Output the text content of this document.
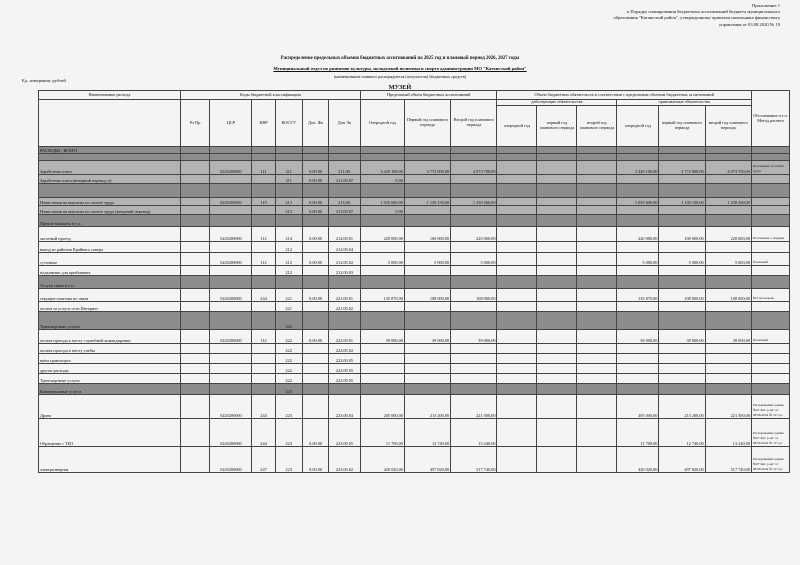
Приложение 1
к Порядку планирования бюджетных ассигнований бюджета муниципального
образования "Катангский район", утвержденному приказом начальника финансового
управления от 03.08.2020 № 19
Распределение предельных объемов бюджетных ассигнований на 2025 год и плановый период 2026, 2027 годы
Муниципальный отдел по развитию культуры, молодежной политики и спорта администрации МО "Катангский район"
(наименование главного распорядителя (получателя) бюджетных средств)
Ед. измерения: рублей
МУЗЕЙ
Наименование расхода	Коды бюджетной классификации						Предельный объем бюджетных ассигнований			Объем бюджетных обязательств в соответствии с предельным объемом бюджетных ассигнований						Обоснование и т.ч. Метод расчета
	Рз Пр	ЦСР	КВР	КОСГУ	Доп. Фк	Доп Эк	Очередной год	Первый год планового периода	Второй год планового периода	действующие обязательства			принимаемые обязательства			
										очередной год	первый год планового периода	второй год планового периода	очередной год	первый год планового периода	второй год планового периода	
РАСХОДЫ - ВСЕГО																

Заработная плата		0220200000	111	211	0.00.00	211.00.	3 429 100,00	3 772 000,00	4 073 700,00				3 429 100,00	3 772 000,00	4 073 700,00	Положение об оплате труда
Заработная плата (вечерний перевод п)				211	0.00.00	211.00.07	0,00									

Начисления на выплаты по оплате труда		0220200000	119	213	0.00.00	213.00.	1 035 600,00	1 139 150,00	1 230 260,00				1 035 600,00	1 139 150,00	1 230 260,00	
Начисления на выплаты по оплате труда (вечерний перевод)				213	0.00.00	213.00.07	0,00									
Прочие выплаты в т.ч.:																
льготный проезд		0220200000	112	214	0.00.00	214.00.01	220 000,00	100 000,00	220 000,00				220 000,00	100 000,00	220 000,00	Положение о порядке
выезд из районов Крайнего севера				212		212.00.04										
суточные		0220200000	112	212	0.00.00	212.00.02	5 000,00	5 000,00	5 000,00				5 000,00	5 000,00	5 000,00	Плановый
подъемные для прибывших				212		212.00.03										
Услуги связи в т.ч.:																
текущие платежи по связи		0220200000	244	221	0.00.00	221.00.01	135 870,00	108 000,00	108 000,00				135 870,00	108 000,00	108 000,00	ПО договорам
оплата за услуги сети Интернет				221		221.00.02										
Транспортные услуги				222												
оплата проезда к месту служебной командировки		0220200000	112	222	0.00.00	222.00.01	39 000,00	39 000,00	39 000,00				39 000,00	39 000,00	39 000,00	Плановый
оплата проезда к месту учебы				222		222.00.02										
наём транспорта				222		222.00.05										
другие расходы				222		222.00.05										
Транспортные услуги				222		222.00.05										
Коммунальные услуги				223												
Дрова		0220200000	244	223		223.00.04	205 000,00	213 200,00	221 000,00				205 000,00	213 200,00	221 500,00	Распоряжение админ. №07 Кат. р-на" от 08.08.2024 № 117-рс
Обращение с ТБО		0220200000	244	223	0.00.00	223.00.05	11 700,00	12 740,00	13 240,00				11 700,00	12 740,00	13 240,00	Распоряжение админ. №07 Кат. р-на" от 08.08.2024 № 117-рс
электроэнергия		0220200000	247	223	0.00.00	223.00.02	420 020,00	457 820,00	517 740,00				420 020,00	497 820,00	517 740,00	Распоряжение админ. №07 Кат. р-на" от 08.08.2024 № 117-рс
